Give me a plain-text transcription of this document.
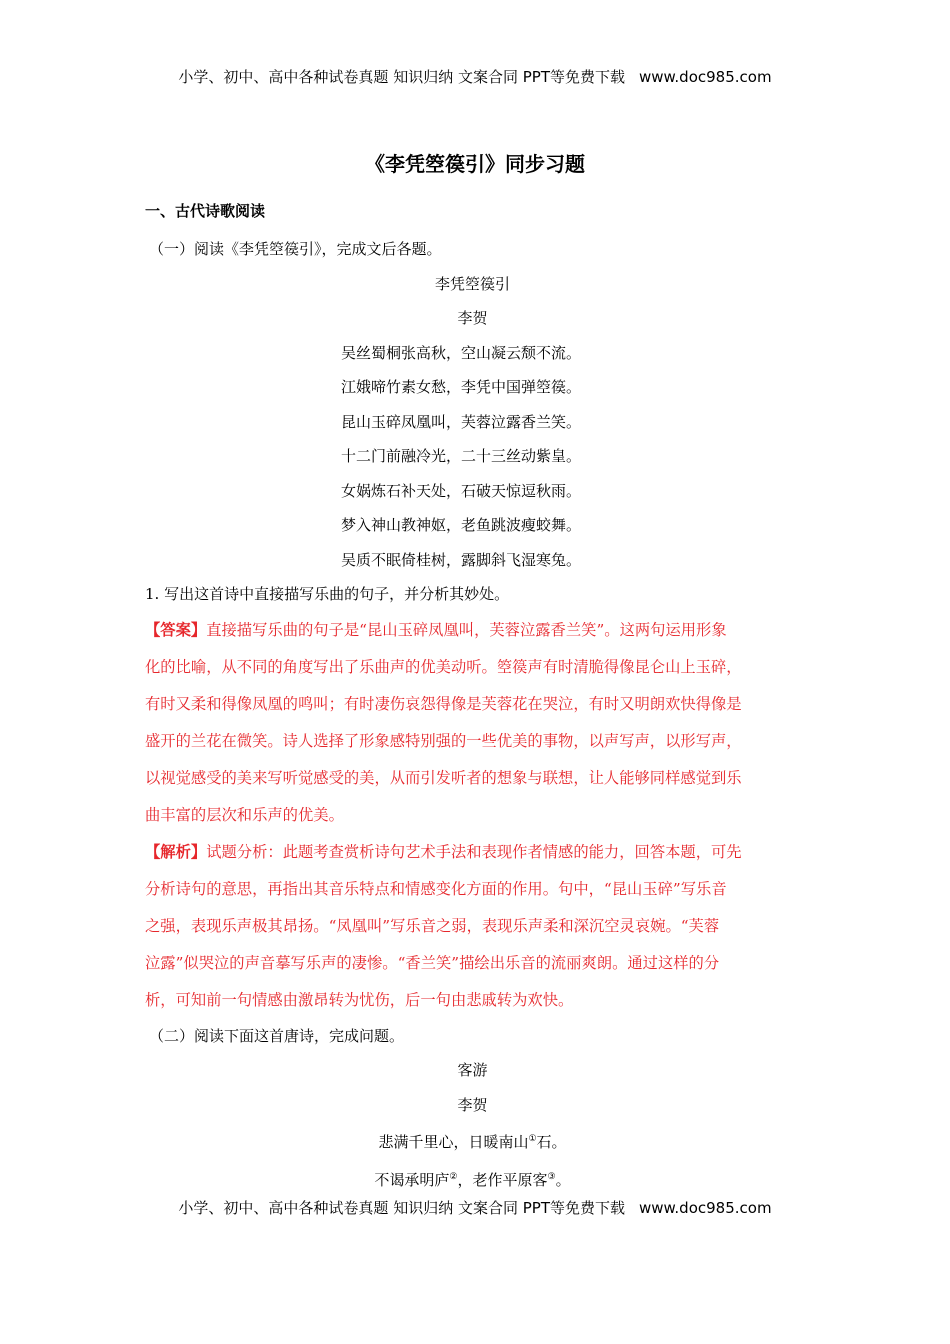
小学、初中、高中各种试卷真题 知识归纳 文案合同 PPT等免费下载 www.doc985.com
《李凭箜篌引》同步习题
一、古代诗歌阅读
（一）阅读《李凭箜篌引》，完成文后各题。
李凭箜篌引
李贺
吴丝蜀桐张高秋，空山凝云颓不流。
江娥啼竹素女愁，李凭中国弹箜篌。
昆山玉碎凤凰叫，芙蓉泣露香兰笑。
十二门前融冷光，二十三丝动紫皇。
女娲炼石补天处，石破天惊逗秋雨。
梦入神山教神妪，老鱼跳波瘦蛟舞。
吴质不眠倚桂树，露脚斜飞湿寒兔。
1. 写出这首诗中直接描写乐曲的句子，并分析其妙处。
【答案】直接描写乐曲的句子是“昆山玉碎凤凰叫，芙蓉泣露香兰笑”。这两句运用形象
化的比喻，从不同的角度写出了乐曲声的优美动听。箜篌声有时清脆得像昆仑山上玉碎，
有时又柔和得像凤凰的鸣叫；有时凄伤哀怨得像是芙蓉花在哭泣，有时又明朗欢快得像是
盛开的兰花在微笑。诗人选择了形象感特别强的一些优美的事物，以声写声，以形写声，
以视觉感受的美来写听觉感受的美，从而引发听者的想象与联想，让人能够同样感觉到乐
曲丰富的层次和乐声的优美。
【解析】试题分析：此题考查赏析诗句艺术手法和表现作者情感的能力，回答本题，可先
分析诗句的意思，再指出其音乐特点和情感变化方面的作用。句中，“昆山玉碎”写乐音
之强，表现乐声极其昂扬。“凤凰叫”写乐音之弱，表现乐声柔和深沉空灵哀婉。“芙蓉
泣露”似哭泣的声音摹写乐声的凄惨。“香兰笑”描绘出乐音的流丽爽朗。通过这样的分
析，可知前一句情感由激昂转为忧伤，后一句由悲戚转为欢快。
（二）阅读下面这首唐诗，完成问题。
客游
李贺
悲满千里心，日暖南山①石。
不谒承明庐②，老作平原客③。
小学、初中、高中各种试卷真题 知识归纳 文案合同 PPT等免费下载 www.doc985.com
